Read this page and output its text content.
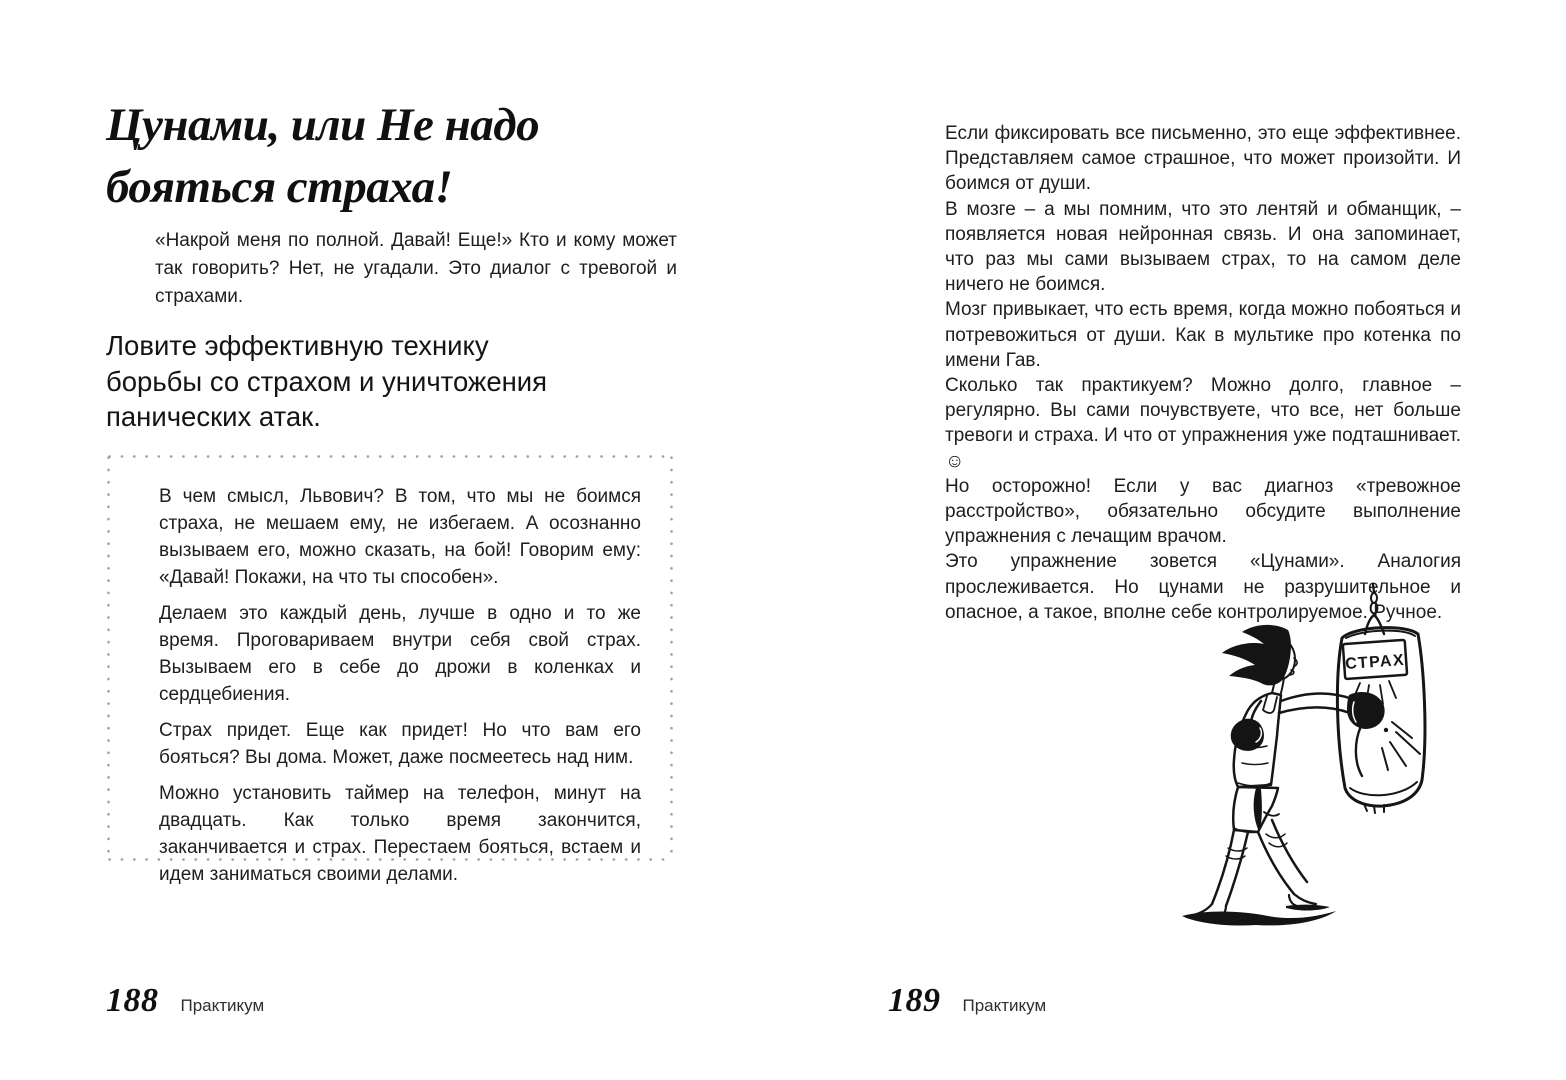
Цунами, или Не надо
бояться страха!

«Накрой меня по полной. Давай! Еще!» Кто и кому может так говорить? Нет, не угадали. Это диалог с тревогой и страхами.

Ловите эффективную технику
борьбы со страхом и уничтожения
панических атак.

В чем смысл, Львович? В том, что мы не боимся страха, не мешаем ему, не избегаем. А осознанно вызываем его, можно сказать, на бой! Говорим ему: «Давай! Покажи, на что ты способен».

Делаем это каждый день, лучше в одно и то же время. Проговариваем внутри себя свой страх. Вызываем его в себе до дрожи в коленках и сердцебиения.

Страх придет. Еще как придет! Но что вам его бояться? Вы дома. Может, даже посмеетесь над ним.

Можно установить таймер на телефон, минут на двадцать. Как только время закончится, заканчивается и страх. Перестаем бояться, встаем и идем заниматься своими делами.

188 Практикум

Если фиксировать все письменно, это еще эффективнее. Представляем самое страшное, что может произойти. И боимся от души.

В мозге – а мы помним, что это лентяй и обманщик, – появляется новая нейронная связь. И она запоминает, что раз мы сами вызываем страх, то на самом деле ничего не боимся.

Мозг привыкает, что есть время, когда можно побояться и потревожиться от души. Как в мультике про котенка по имени Гав.

Сколько так практикуем? Можно долго, главное – регулярно. Вы сами почувствуете, что все, нет больше тревоги и страха. И что от упражнения уже подташнивает. ☺

Но осторожно! Если у вас диагноз «тревожное расстройство», обязательно обсудите выполнение упражнения с лечащим врачом.

Это упражнение зовется «Цунами». Аналогия прослеживается. Но цунами не разрушительное и опасное, а такое, вполне себе контролируемое. Ручное.

СТРАХ
189 Практикум
